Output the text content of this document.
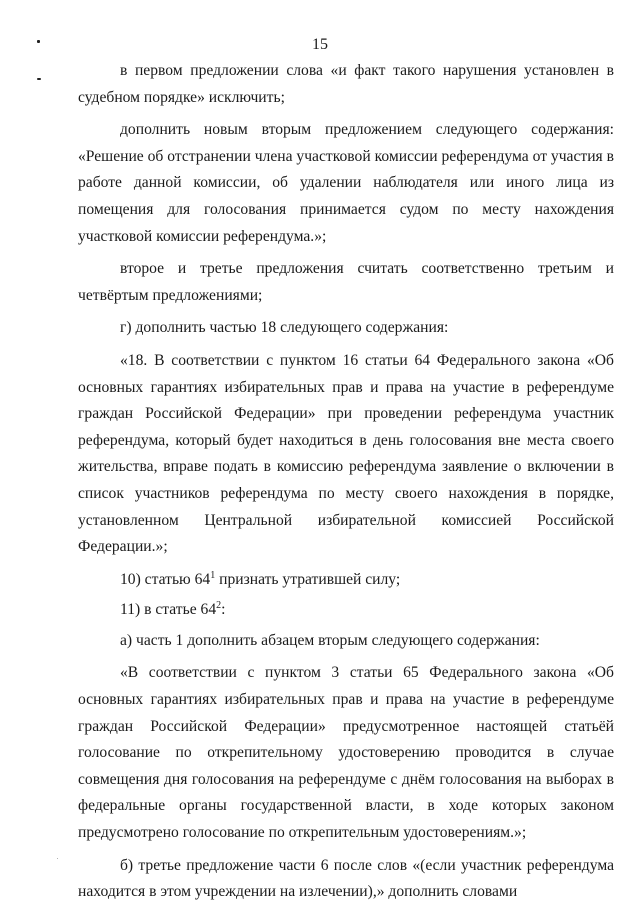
15

в первом предложении слова «и факт такого нарушения установлен в судебном порядке» исключить;

дополнить новым вторым предложением следующего содержания: «Решение об отстранении члена участковой комиссии референдума от участия в работе данной комиссии, об удалении наблюдателя или иного лица из помещения для голосования принимается судом по месту нахождения участковой комиссии референдума.»;

второе и третье предложения считать соответственно третьим и четвёртым предложениями;

г) дополнить частью 18 следующего содержания:

«18. В соответствии с пунктом 16 статьи 64 Федерального закона «Об основных гарантиях избирательных прав и права на участие в референдуме граждан Российской Федерации» при проведении референдума участник референдума, который будет находиться в день голосования вне места своего жительства, вправе подать в комиссию референдума заявление о включении в список участников референдума по месту своего нахождения в порядке, установленном Центральной избирательной комиссией Российской Федерации.»;

10) статью $64^1$ признать утратившей силу;

11) в статье $64^2$:

а) часть 1 дополнить абзацем вторым следующего содержания:

«В соответствии с пунктом 3 статьи 65 Федерального закона «Об основных гарантиях избирательных прав и права на участие в референдуме граждан Российской Федерации» предусмотренное настоящей статьёй голосование по открепительному удостоверению проводится в случае совмещения дня голосования на референдуме с днём голосования на выборах в федеральные органы государственной власти, в ходе которых законом предусмотрено голосование по открепительным удостоверениям.»;

б) третье предложение части 6 после слов «(если участник референдума находится в этом учреждении на излечении),» дополнить словами
